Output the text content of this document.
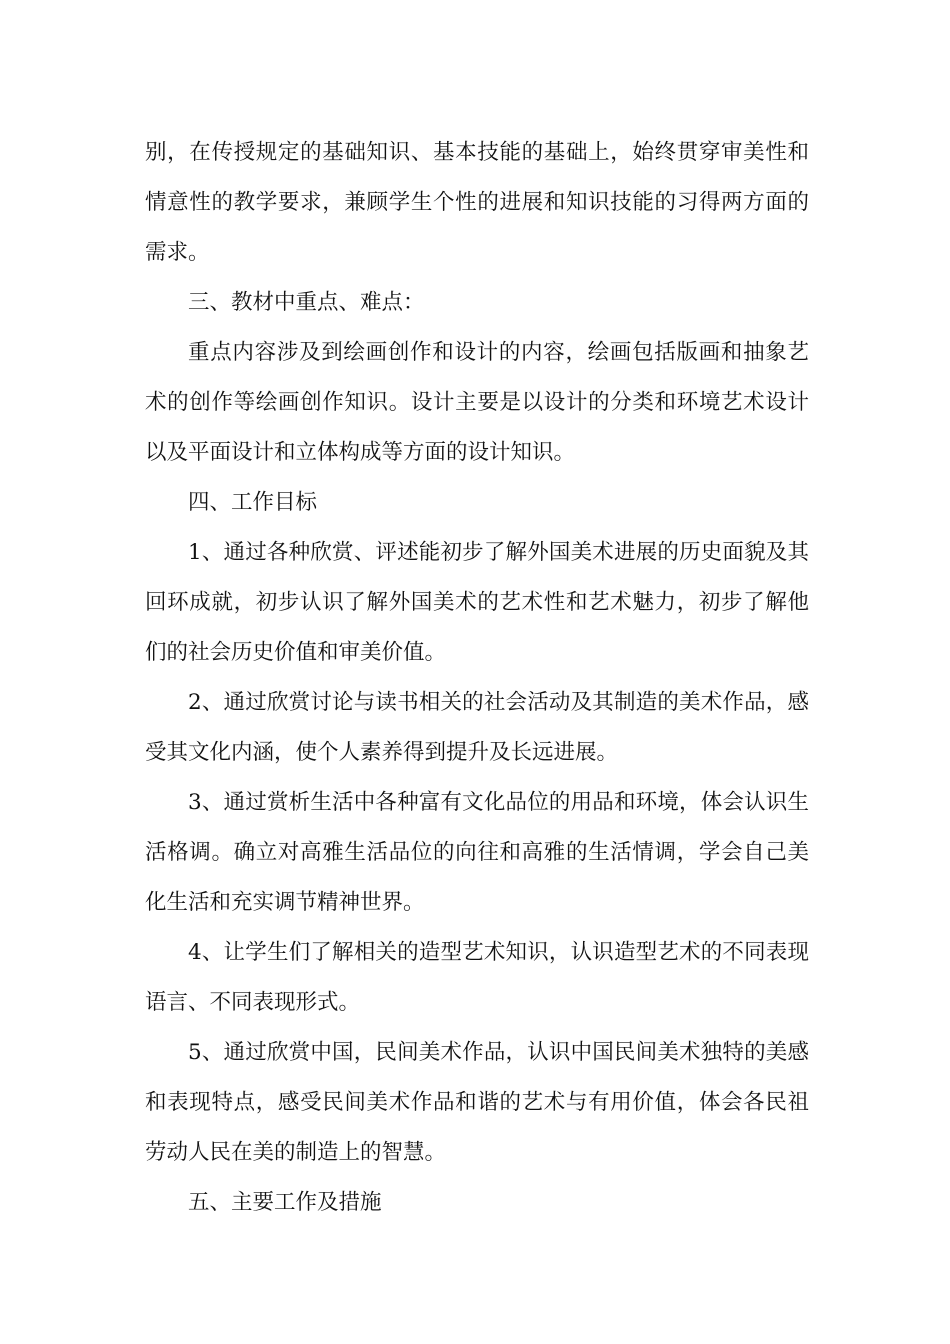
别，在传授规定的基础知识、基本技能的基础上，始终贯穿审美性和情意性的教学要求，兼顾学生个性的进展和知识技能的习得两方面的需求。

三、教材中重点、难点：

重点内容涉及到绘画创作和设计的内容，绘画包括版画和抽象艺术的创作等绘画创作知识。设计主要是以设计的分类和环境艺术设计以及平面设计和立体构成等方面的设计知识。

四、工作目标

1、通过各种欣赏、评述能初步了解外国美术进展的历史面貌及其回环成就，初步认识了解外国美术的艺术性和艺术魅力，初步了解他们的社会历史价值和审美价值。

2、通过欣赏讨论与读书相关的社会活动及其制造的美术作品，感受其文化内涵，使个人素养得到提升及长远进展。

3、通过赏析生活中各种富有文化品位的用品和环境，体会认识生活格调。确立对高雅生活品位的向往和高雅的生活情调，学会自己美化生活和充实调节精神世界。

4、让学生们了解相关的造型艺术知识，认识造型艺术的不同表现语言、不同表现形式。

5、通过欣赏中国，民间美术作品，认识中国民间美术独特的美感和表现特点，感受民间美术作品和谐的艺术与有用价值，体会各民祖劳动人民在美的制造上的智慧。

五、主要工作及措施
